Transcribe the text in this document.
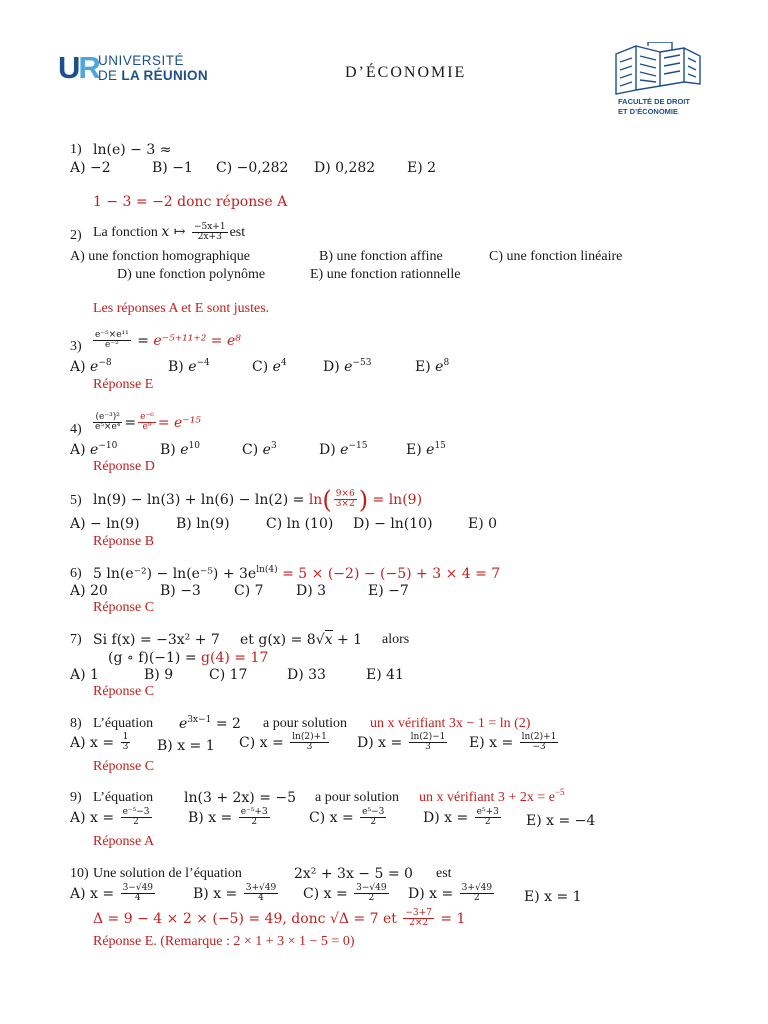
UR UNIVERSITÉ
DE LA RÉUNION	D’ÉCONOMIE
FACULTÉ DE DROIT
ET D’ÉCONOMIE
1) ln(e) − 3 ≈
A) −2	B) −1 C) −0,282 D) 0,282 E) 2
1 − 3 = −2 donc réponse A
2) La fonction x ↦ $\frac{-5x+1}{2x+3}$ est
A) une fonction homographique	B) une fonction affine	C) une fonction linéaire
D) une fonction polynôme	E) une fonction rationnelle
Les réponses A et E sont justes.
$3) \frac{\text{e⁻⁵×e¹¹}}{\text{e⁻²}} = e^{-5+11+2} = e^8$
A) $e^{-8}$	B) $e^{-4}$	C) $e^4$	D) $e^{-53}$	E) $e^8$
Réponse E
$4) \frac{\text{(e⁻³)²}}{\text{e⁵×e⁴}} = \frac{\text{e⁻⁶}}{\text{e⁹}} = e^{-15}$
A) $e^{-10}$	B) $e^{10}$	C) $e^3$	D) $e^{-15}$	E) $e^{15}$
Réponse D
5) $\ln(9) - \ln(3) + \ln(6) - \ln(2) = \ln( \frac{9\times 6}{3\times 2}$ ) = ln(9)
A) − ln(9)	B) ln(9)	C) ln (10) D) − ln(10)	E) 0
Réponse B
6) 5 $\ln(e^{-2}) - \ln(e^{-5}) + 3e^{ln(4)} = 5 \times (-2) - (-5) + 3 \times 4 = 7$
A) 20	B) −3 C) 7 D) 3	E) −7
Réponse C
7) Si f(x) = −3x² + 7 et g(x) = 8√x + 1 alors
(g ∘ f)(−1) = g(4) = 17
A) 1	B) 9	C) 17	D) 33	E) 41
Réponse C
8) L’équation $e^{3x-1} = 2$ a pour solution un x vérifiant 3x − 1 = ln (2)
A) $x = \frac{1}{3} B$) x = 1 C) $x = \frac{\ln(2)+1}{3} D$) $x = \frac{\ln(2)-1}{3} E$) $x = \frac{\ln(2)+1}{-3}$
Réponse C
9) L’équation ln(3 + 2x) = −5 a pour solution un x vérifiant $3 + 2x = e^{-5}$
A) $x = \frac{\text{e⁻⁵−3}}{2}$	B) $x = \frac{\text{e⁻⁵+3}}{2}$	C) $x = \frac{\text{e⁵−3}}{2}$	D) $x = \frac{\text{e⁵+3}}{2} E$) x = −4
Réponse A
10) Une solution de l’équation	2x² + 3x − 5 = 0 est
A) $x = \frac{3-√49}{4}$	B) $x = \frac{3+√49}{4} C$) $x = \frac{3-√49}{2} D$) $x = \frac{3+√49}{2} E$) x = 1
Δ = 9 − 4 × 2 × (−5) = 49, donc √Δ = 7 et $\frac{-3+7}{2\times 2} = 1$
Réponse E. (Remarque : 2 × 1 + 3 × 1 − 5 = 0)
